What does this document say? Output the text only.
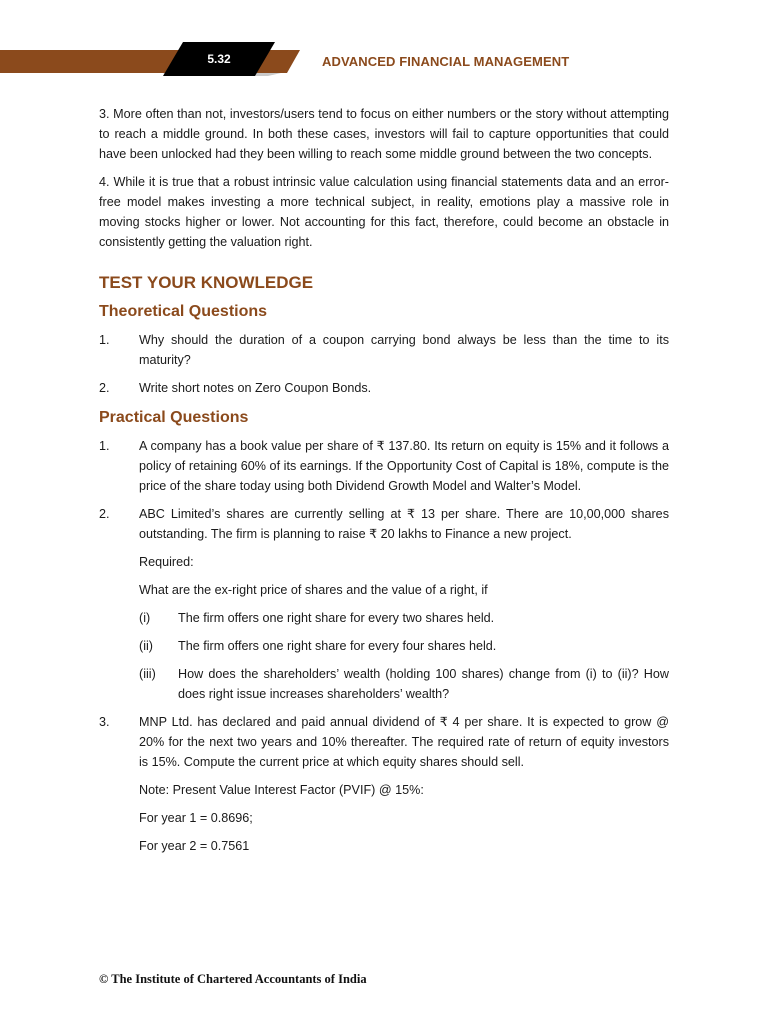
5.32	ADVANCED FINANCIAL MANAGEMENT

3. More often than not, investors/users tend to focus on either numbers or the story without attempting to reach a middle ground. In both these cases, investors will fail to capture opportunities that could have been unlocked had they been willing to reach some middle ground between the two concepts.

4. While it is true that a robust intrinsic value calculation using financial statements data and an error-free model makes investing a more technical subject, in reality, emotions play a massive role in moving stocks higher or lower. Not accounting for this fact, therefore, could become an obstacle in consistently getting the valuation right.

TEST YOUR KNOWLEDGE
Theoretical Questions
1. Why should the duration of a coupon carrying bond always be less than the time to its maturity?
2. Write short notes on Zero Coupon Bonds.
Practical Questions
1. A company has a book value per share of ₹ 137.80. Its return on equity is 15% and it follows a policy of retaining 60% of its earnings. If the Opportunity Cost of Capital is 18%, compute is the price of the share today using both Dividend Growth Model and Walter’s Model.
2. ABC Limited’s shares are currently selling at ₹ 13 per share. There are 10,00,000 shares outstanding. The firm is planning to raise ₹ 20 lakhs to Finance a new project.
Required:
What are the ex-right price of shares and the value of a right, if
(i) The firm offers one right share for every two shares held.
(ii) The firm offers one right share for every four shares held.
(iii) How does the shareholders’ wealth (holding 100 shares) change from (i) to (ii)? How does right issue increases shareholders’ wealth?
3. MNP Ltd. has declared and paid annual dividend of ₹ 4 per share. It is expected to grow @ 20% for the next two years and 10% thereafter. The required rate of return of equity investors is 15%. Compute the current price at which equity shares should sell.
Note: Present Value Interest Factor (PVIF) @ 15%:
For year 1 = 0.8696;
For year 2 = 0.7561
© The Institute of Chartered Accountants of India
